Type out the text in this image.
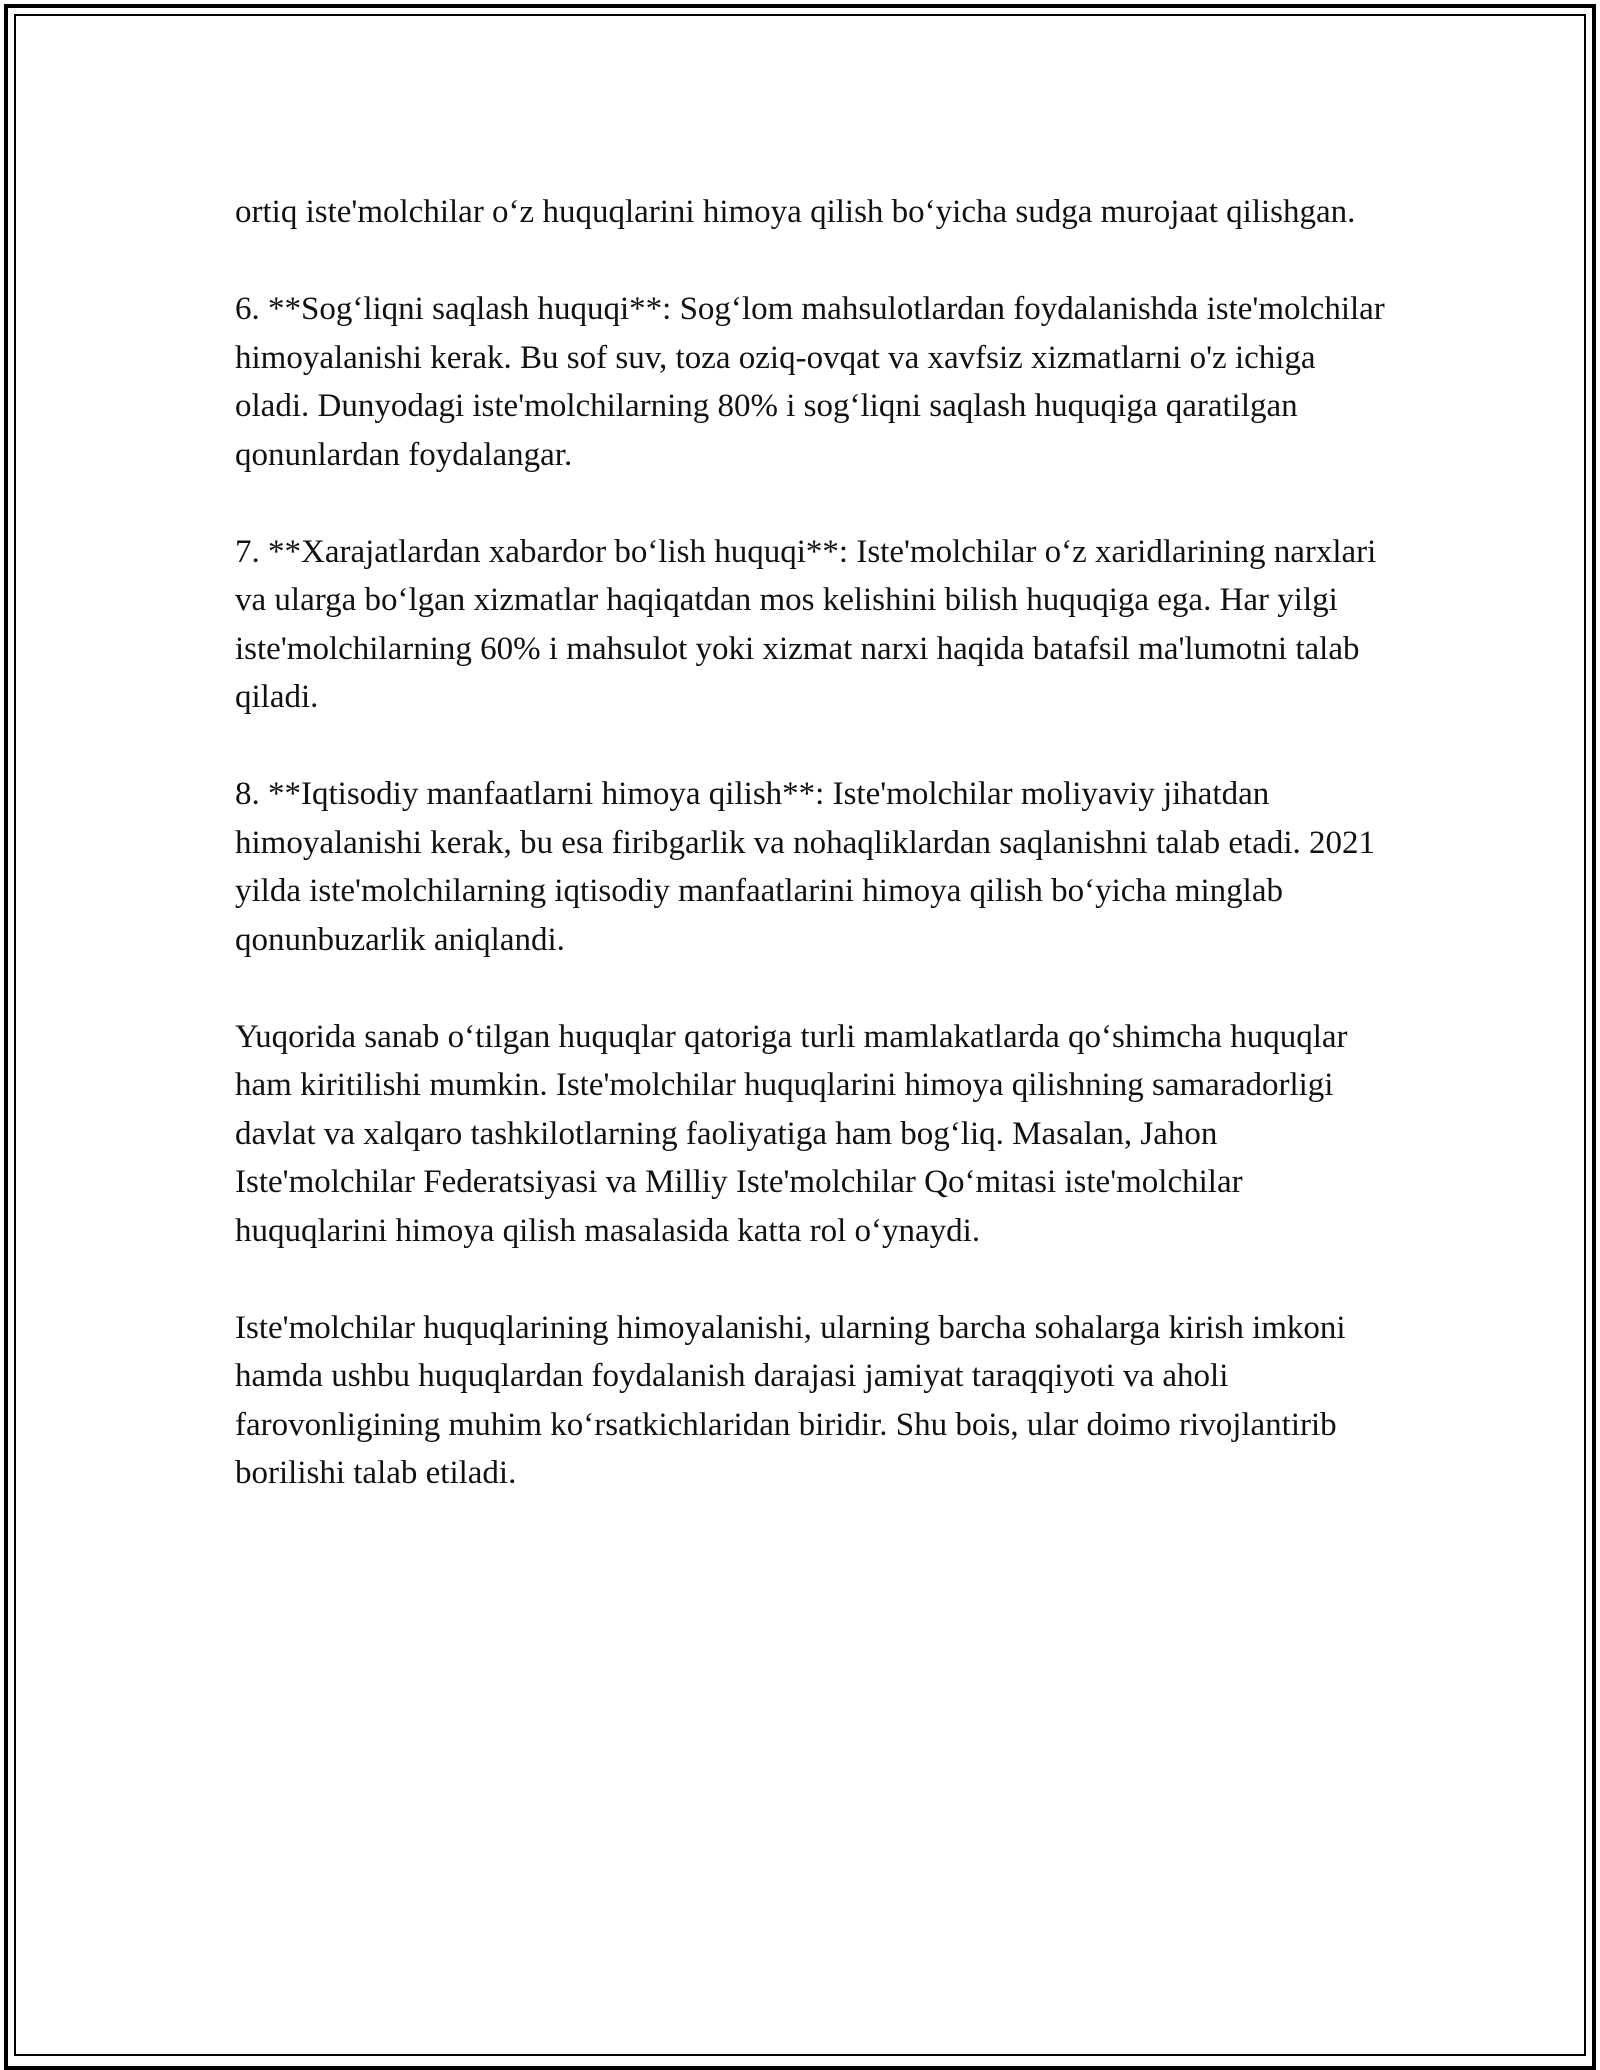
ortiq iste'molchilar o‘z huquqlarini himoya qilish bo‘yicha sudga murojaat qilishgan.

6. **Sog‘liqni saqlash huquqi**: Sog‘lom mahsulotlardan foydalanishda iste'molchilar himoyalanishi kerak. Bu sof suv, toza oziq-ovqat va xavfsiz xizmatlarni o'z ichiga oladi. Dunyodagi iste'molchilarning 80% i sog‘liqni saqlash huquqiga qaratilgan qonunlardan foydalangar.

7. **Xarajatlardan xabardor bo‘lish huquqi**: Iste'molchilar o‘z xaridlarining narxlari va ularga bo‘lgan xizmatlar haqiqatdan mos kelishini bilish huquqiga ega. Har yilgi iste'molchilarning 60% i mahsulot yoki xizmat narxi haqida batafsil ma'lumotni talab qiladi.

8. **Iqtisodiy manfaatlarni himoya qilish**: Iste'molchilar moliyaviy jihatdan himoyalanishi kerak, bu esa firibgarlik va nohaqliklardan saqlanishni talab etadi. 2021 yilda iste'molchilarning iqtisodiy manfaatlarini himoya qilish bo‘yicha minglab qonunbuzarlik aniqlandi.

Yuqorida sanab o‘tilgan huquqlar qatoriga turli mamlakatlarda qo‘shimcha huquqlar ham kiritilishi mumkin. Iste'molchilar huquqlarini himoya qilishning samaradorligi davlat va xalqaro tashkilotlarning faoliyatiga ham bog‘liq. Masalan, Jahon Iste'molchilar Federatsiyasi va Milliy Iste'molchilar Qo‘mitasi iste'molchilar huquqlarini himoya qilish masalasida katta rol o‘ynaydi.

Iste'molchilar huquqlarining himoyalanishi, ularning barcha sohalarga kirish imkoni hamda ushbu huquqlardan foydalanish darajasi jamiyat taraqqiyoti va aholi farovonligining muhim ko‘rsatkichlaridan biridir. Shu bois, ular doimo rivojlantirib borilishi talab etiladi.
